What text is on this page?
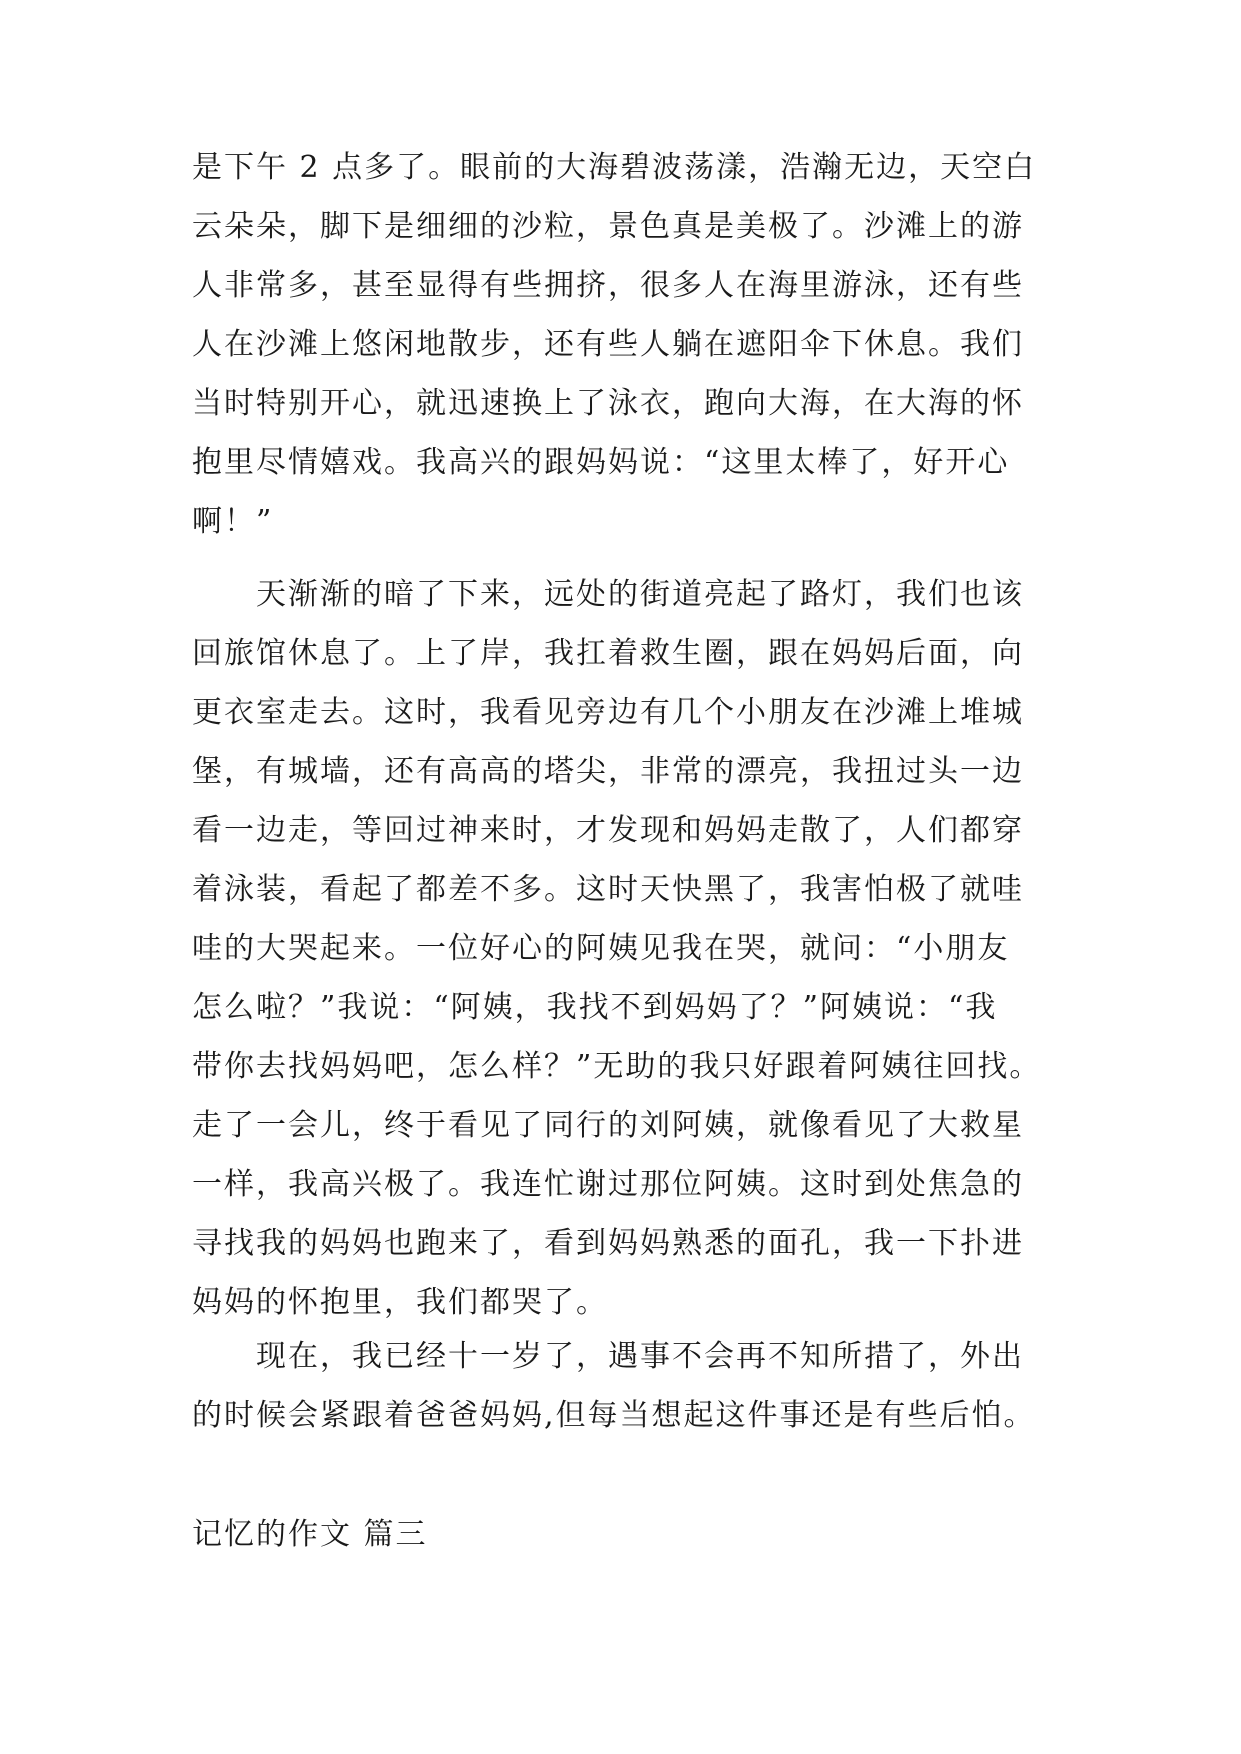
是下午 2 点多了。眼前的大海碧波荡漾，浩瀚无边，天空白
云朵朵，脚下是细细的沙粒，景色真是美极了。沙滩上的游
人非常多，甚至显得有些拥挤，很多人在海里游泳，还有些
人在沙滩上悠闲地散步，还有些人躺在遮阳伞下休息。我们
当时特别开心，就迅速换上了泳衣，跑向大海，在大海的怀
抱里尽情嬉戏。我高兴的跟妈妈说：“这里太棒了，好开心
啊！”
天渐渐的暗了下来，远处的街道亮起了路灯，我们也该
回旅馆休息了。上了岸，我扛着救生圈，跟在妈妈后面，向
更衣室走去。这时，我看见旁边有几个小朋友在沙滩上堆城
堡，有城墙，还有高高的塔尖，非常的漂亮，我扭过头一边
看一边走，等回过神来时，才发现和妈妈走散了，人们都穿
着泳装，看起了都差不多。这时天快黑了，我害怕极了就哇
哇的大哭起来。一位好心的阿姨见我在哭，就问：“小朋友
怎么啦？”我说：“阿姨，我找不到妈妈了？”阿姨说：“我
带你去找妈妈吧，怎么样？”无助的我只好跟着阿姨往回找。
走了一会儿，终于看见了同行的刘阿姨，就像看见了大救星
一样，我高兴极了。我连忙谢过那位阿姨。这时到处焦急的
寻找我的妈妈也跑来了，看到妈妈熟悉的面孔，我一下扑进
妈妈的怀抱里，我们都哭了。
现在，我已经十一岁了，遇事不会再不知所措了，外出
的时候会紧跟着爸爸妈妈,但每当想起这件事还是有些后怕。
记忆的作文 篇三
